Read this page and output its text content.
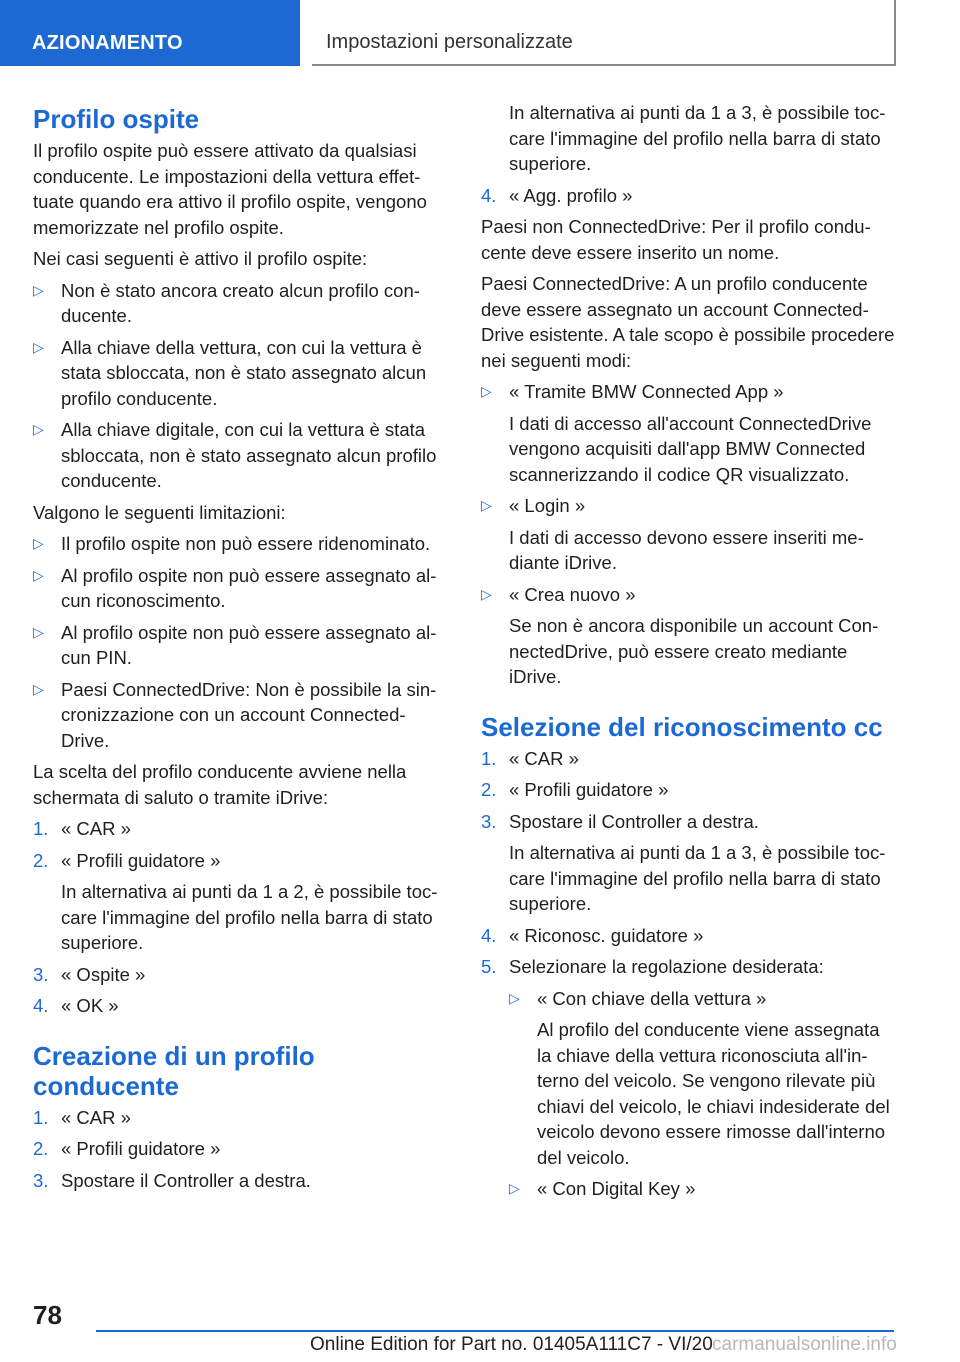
AZIONAMENTO	Impostazioni personalizzate
Profilo ospite

Il profilo ospite può essere attivato da qualsiasi conducente. Le impostazioni della vettura effettuate quando era attivo il profilo ospite, vengono memorizzate nel profilo ospite.

Nei casi seguenti è attivo il profilo ospite:

▷ Non è stato ancora creato alcun profilo conducente.
▷ Alla chiave della vettura, con cui la vettura è stata sbloccata, non è stato assegnato alcun profilo conducente.
▷ Alla chiave digitale, con cui la vettura è stata sbloccata, non è stato assegnato alcun profilo conducente.

Valgono le seguenti limitazioni:

▷ Il profilo ospite non può essere ridenominato.
▷ Al profilo ospite non può essere assegnato alcun riconoscimento.
▷ Al profilo ospite non può essere assegnato alcun PIN.
▷ Paesi ConnectedDrive: Non è possibile la sincronizzazione con un account ConnectedDrive.

La scelta del profilo conducente avviene nella schermata di saluto o tramite iDrive:

1. « CAR »
2. « Profili guidatore »
In alternativa ai punti da 1 a 2, è possibile toccare l'immagine del profilo nella barra di stato superiore.
3. « Ospite »
4. « OK »
Creazione di un profilo conducente
1. « CAR »
2. « Profili guidatore »
3. Spostare il Controller a destra.
In alternativa ai punti da 1 a 3, è possibile toccare l'immagine del profilo nella barra di stato superiore.
4. « Agg. profilo »

Paesi non ConnectedDrive: Per il profilo conducente deve essere inserito un nome.

Paesi ConnectedDrive: A un profilo conducente deve essere assegnato un account ConnectedDrive esistente. A tale scopo è possibile procedere nei seguenti modi:

▷ « Tramite BMW Connected App »
I dati di accesso all'account ConnectedDrive vengono acquisiti dall'app BMW Connected scannerizzando il codice QR visualizzato.
▷ « Login »
I dati di accesso devono essere inseriti mediante iDrive.
▷ « Crea nuovo »
Se non è ancora disponibile un account ConnectedDrive, può essere creato mediante iDrive.
Selezione del riconoscimento cc
1. « CAR »
2. « Profili guidatore »
3. Spostare il Controller a destra.
In alternativa ai punti da 1 a 3, è possibile toccare l'immagine del profilo nella barra di stato superiore.
4. « Riconosc. guidatore »
5. Selezionare la regolazione desiderata:
▷ « Con chiave della vettura »
Al profilo del conducente viene assegnata la chiave della vettura riconosciuta all'interno del veicolo. Se vengono rilevate più chiavi del veicolo, le chiavi indesiderate del veicolo devono essere rimosse dall'interno del veicolo.
▷ « Con Digital Key »
78
Online Edition for Part no. 01405A111C7 - VI/20 carmanualsonline.info
